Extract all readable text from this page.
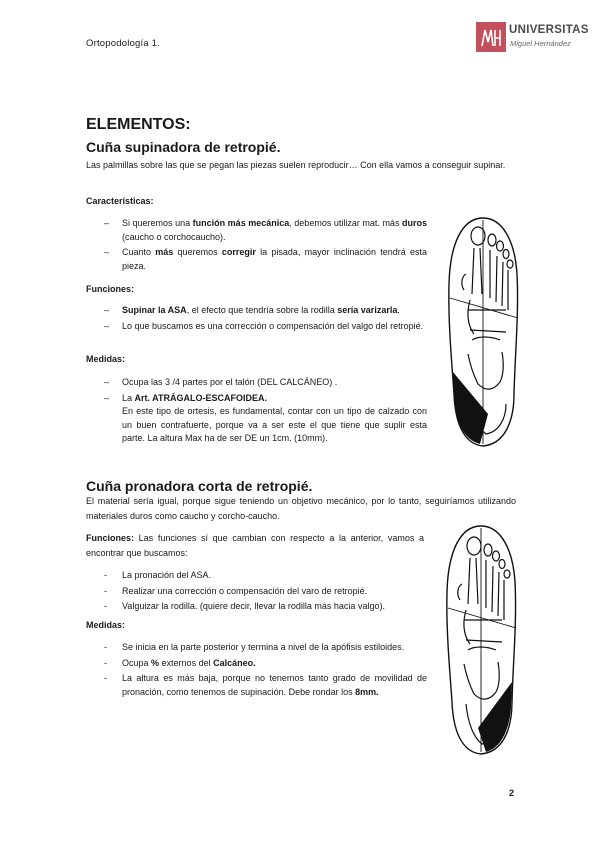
Ortopodología 1.
UNIVERSITAS
Miguel Hernández
ELEMENTOS:
Cuña supinadora de retropié.
Las palmillas sobre las que se pegan las piezas suelen reproducir… Con ella vamos a conseguir supinar.
Características:
– Si queremos una función más mecánica, debemos utilizar mat. más duros (caucho o corchocaucho).
– Cuanto más queremos corregir la pisada, mayor inclinación tendrá esta pieza.
Funciones:
– Supinar la ASA, el efecto que tendría sobre la rodilla sería varizarla.
– Lo que buscamos es una corrección o compensación del valgo del retropié.
Medidas:
– Ocupa las 3 /4 partes por el talón (DEL CALCÁNEO) .
– La Art. ATRÁGALO-ESCAFOIDEA.
En este tipo de ortesis, es fundamental, contar con un tipo de calzado con un buen contrafuerte, porque va a ser este el que tiene que suplir esta parte. La altura Max ha de ser DE un 1cm. (10mm).
Cuña pronadora corta de retropié.
El material sería igual, porque sigue teniendo un objetivo mecánico, por lo tanto, seguiríamos utilizando materiales duros como caucho y corcho-caucho.
Funciones: Las funciones sí que cambian con respecto a la anterior, vamos a encontrar que buscamos:
- La pronación del ASA.
- Realizar una corrección o compensación del varo de retropié.
- Valguizar la rodilla. (quiere decir, llevar la rodilla más hacia valgo).
Medidas:
- Se inicia en la parte posterior y termina a nivel de la apófisis estiloides.
- Ocupa % externos del Calcáneo.
- La altura es más baja, porque no tenemos tanto grado de movilidad de pronación, como tenemos de supinación. Debe rondar los 8mm.
2
